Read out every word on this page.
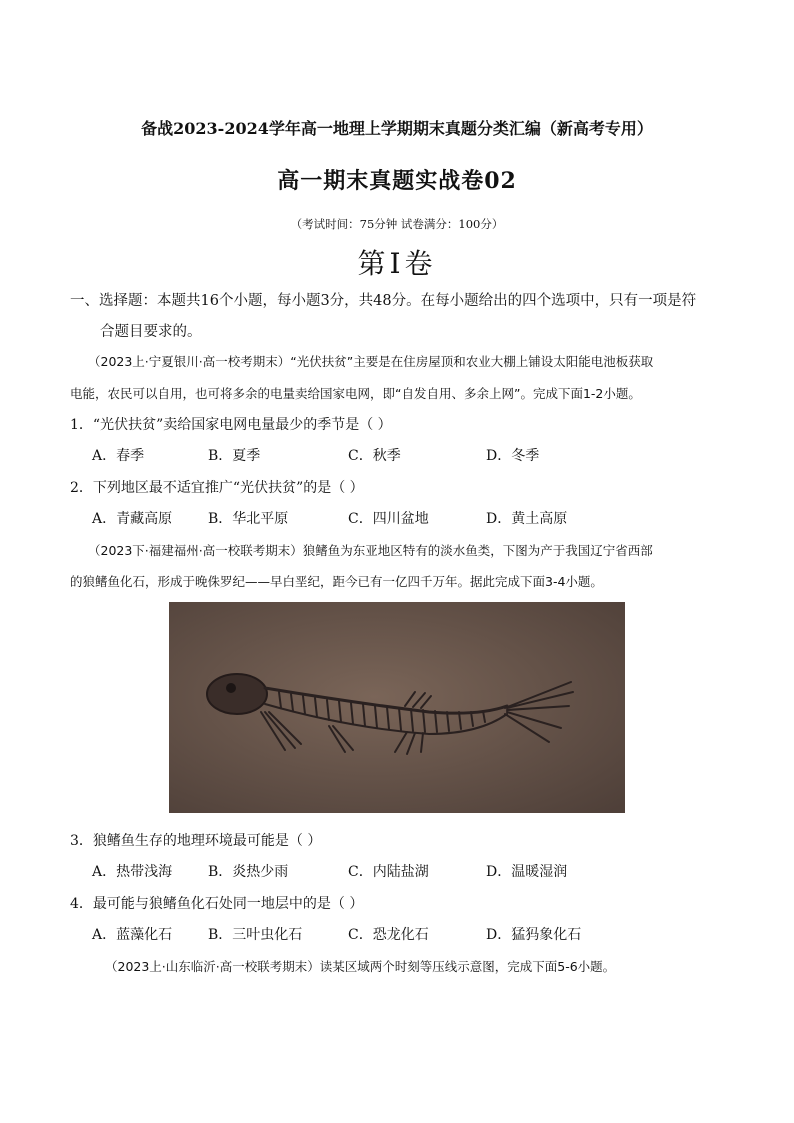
备战2023-2024学年高一地理上学期期末真题分类汇编（新高考专用）
高一期末真题实战卷02
（考试时间：75分钟 试卷满分：100分）
第Ⅰ卷
一、选择题：本题共16个小题，每小题3分，共48分。在每小题给出的四个选项中，只有一项是符
合题目要求的。
（2023上·宁夏银川·高一校考期末）“光伏扶贫”主要是在住房屋顶和农业大棚上铺设太阳能电池板获取
电能，农民可以自用，也可将多余的电量卖给国家电网，即“自发自用、多余上网”。完成下面1-2小题。
1．“光伏扶贫”卖给国家电网电量最少的季节是（ ）
A．春季	B．夏季	C．秋季	D．冬季
2．下列地区最不适宜推广“光伏扶贫”的是（ ）
A．青藏高原	B．华北平原	C．四川盆地	D．黄土高原
（2023下·福建福州·高一校联考期末）狼鳍鱼为东亚地区特有的淡水鱼类，下图为产于我国辽宁省西部
的狼鳍鱼化石，形成于晚侏罗纪——早白垩纪，距今已有一亿四千万年。据此完成下面3-4小题。
3．狼鳍鱼生存的地理环境最可能是（ ）
A．热带浅海	B．炎热少雨	C．内陆盐湖	D．温暖湿润
4．最可能与狼鳍鱼化石处同一地层中的是（ ）
A．蓝藻化石	B．三叶虫化石	C．恐龙化石	D．猛犸象化石
（2023上·山东临沂·高一校联考期末）读某区域两个时刻等压线示意图，完成下面5-6小题。
